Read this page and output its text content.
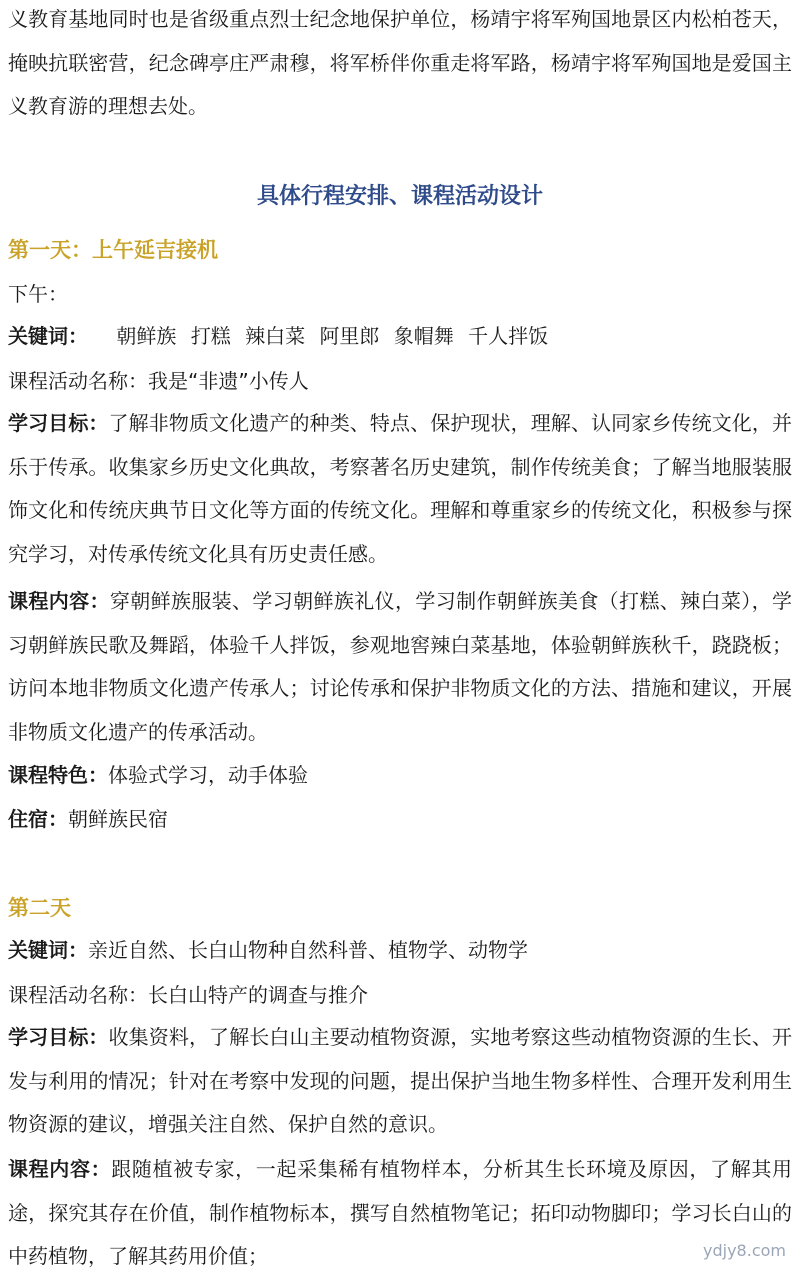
义教育基地同时也是省级重点烈士纪念地保护单位，杨靖宇将军殉国地景区内松柏苍天，掩映抗联密营，纪念碑亭庄严肃穆，将军桥伴你重走将军路，杨靖宇将军殉国地是爱国主义教育游的理想去处。

具体行程安排、课程活动设计

第一天：上午延吉接机

下午：

关键词： 朝鲜族 打糕 辣白菜 阿里郎 象帽舞 千人拌饭

课程活动名称：我是“非遗”小传人

学习目标：了解非物质文化遗产的种类、特点、保护现状，理解、认同家乡传统文化，并乐于传承。收集家乡历史文化典故，考察著名历史建筑，制作传统美食；了解当地服装服饰文化和传统庆典节日文化等方面的传统文化。理解和尊重家乡的传统文化，积极参与探究学习，对传承传统文化具有历史责任感。

课程内容：穿朝鲜族服装、学习朝鲜族礼仪，学习制作朝鲜族美食（打糕、辣白菜），学习朝鲜族民歌及舞蹈，体验千人拌饭，参观地窖辣白菜基地，体验朝鲜族秋千，跷跷板；访问本地非物质文化遗产传承人；讨论传承和保护非物质文化的方法、措施和建议，开展非物质文化遗产的传承活动。

课程特色：体验式学习，动手体验

住宿：朝鲜族民宿

第二天

关键词：亲近自然、长白山物种自然科普、植物学、动物学

课程活动名称：长白山特产的调查与推介

学习目标：收集资料，了解长白山主要动植物资源，实地考察这些动植物资源的生长、开发与利用的情况；针对在考察中发现的问题，提出保护当地生物多样性、合理开发利用生物资源的建议，增强关注自然、保护自然的意识。

课程内容：跟随植被专家，一起采集稀有植物样本，分析其生长环境及原因，了解其用途，探究其存在价值，制作植物标本，撰写自然植物笔记；拓印动物脚印；学习长白山的中药植物，了解其药用价值；	ydjy8.com
